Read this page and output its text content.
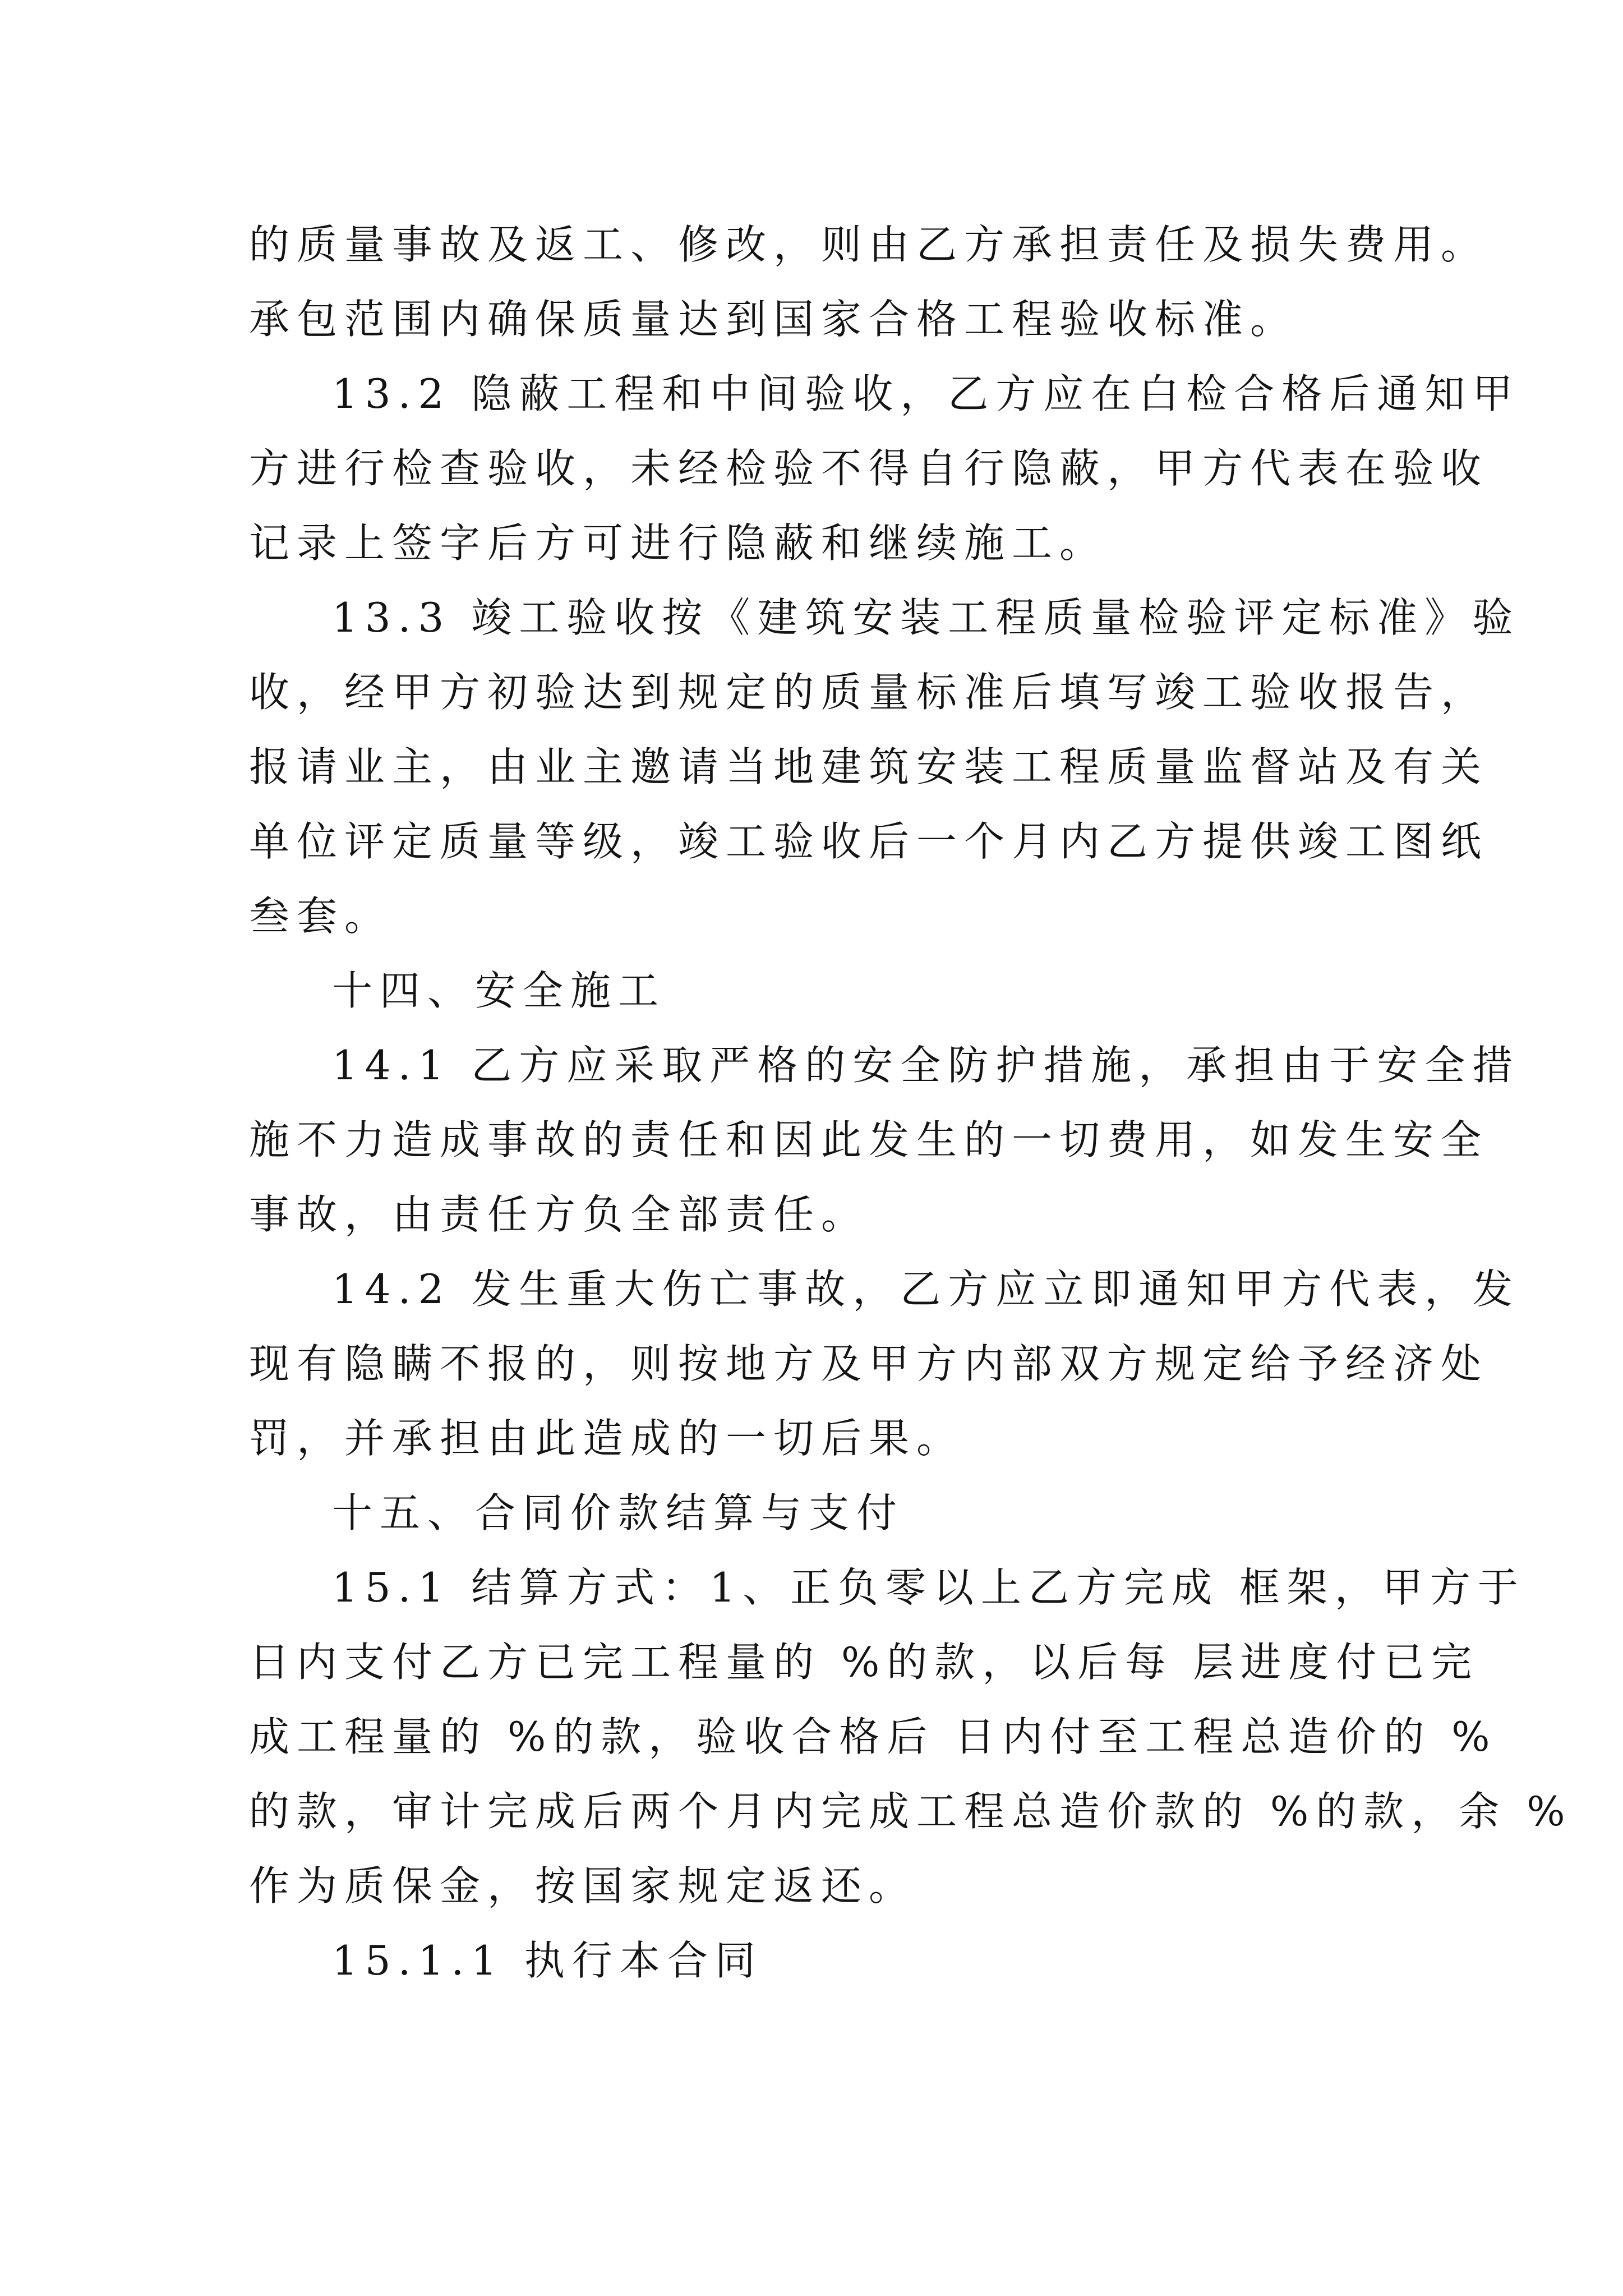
的质量事故及返工、修改，则由乙方承担责任及损失费用。
承包范围内确保质量达到国家合格工程验收标准。
13.2 隐蔽工程和中间验收，乙方应在白检合格后通知甲
方进行检查验收，未经检验不得自行隐蔽，甲方代表在验收
记录上签字后方可进行隐蔽和继续施工。
13.3 竣工验收按《建筑安装工程质量检验评定标准》验
收，经甲方初验达到规定的质量标准后填写竣工验收报告，
报请业主，由业主邀请当地建筑安装工程质量监督站及有关
单位评定质量等级，竣工验收后一个月内乙方提供竣工图纸
叁套。
十四、安全施工
14.1 乙方应采取严格的安全防护措施，承担由于安全措
施不力造成事故的责任和因此发生的一切费用，如发生安全
事故，由责任方负全部责任。
14.2 发生重大伤亡事故，乙方应立即通知甲方代表，发
现有隐瞒不报的，则按地方及甲方内部双方规定给予经济处
罚，并承担由此造成的一切后果。
十五、合同价款结算与支付
15.1 结算方式：1、正负零以上乙方完成 框架，甲方于
日内支付乙方已完工程量的 %的款，以后每 层进度付已完
成工程量的 %的款，验收合格后 日内付至工程总造价的 %
的款，审计完成后两个月内完成工程总造价款的 %的款，余 %
作为质保金，按国家规定返还。
15.1.1 执行本合同
